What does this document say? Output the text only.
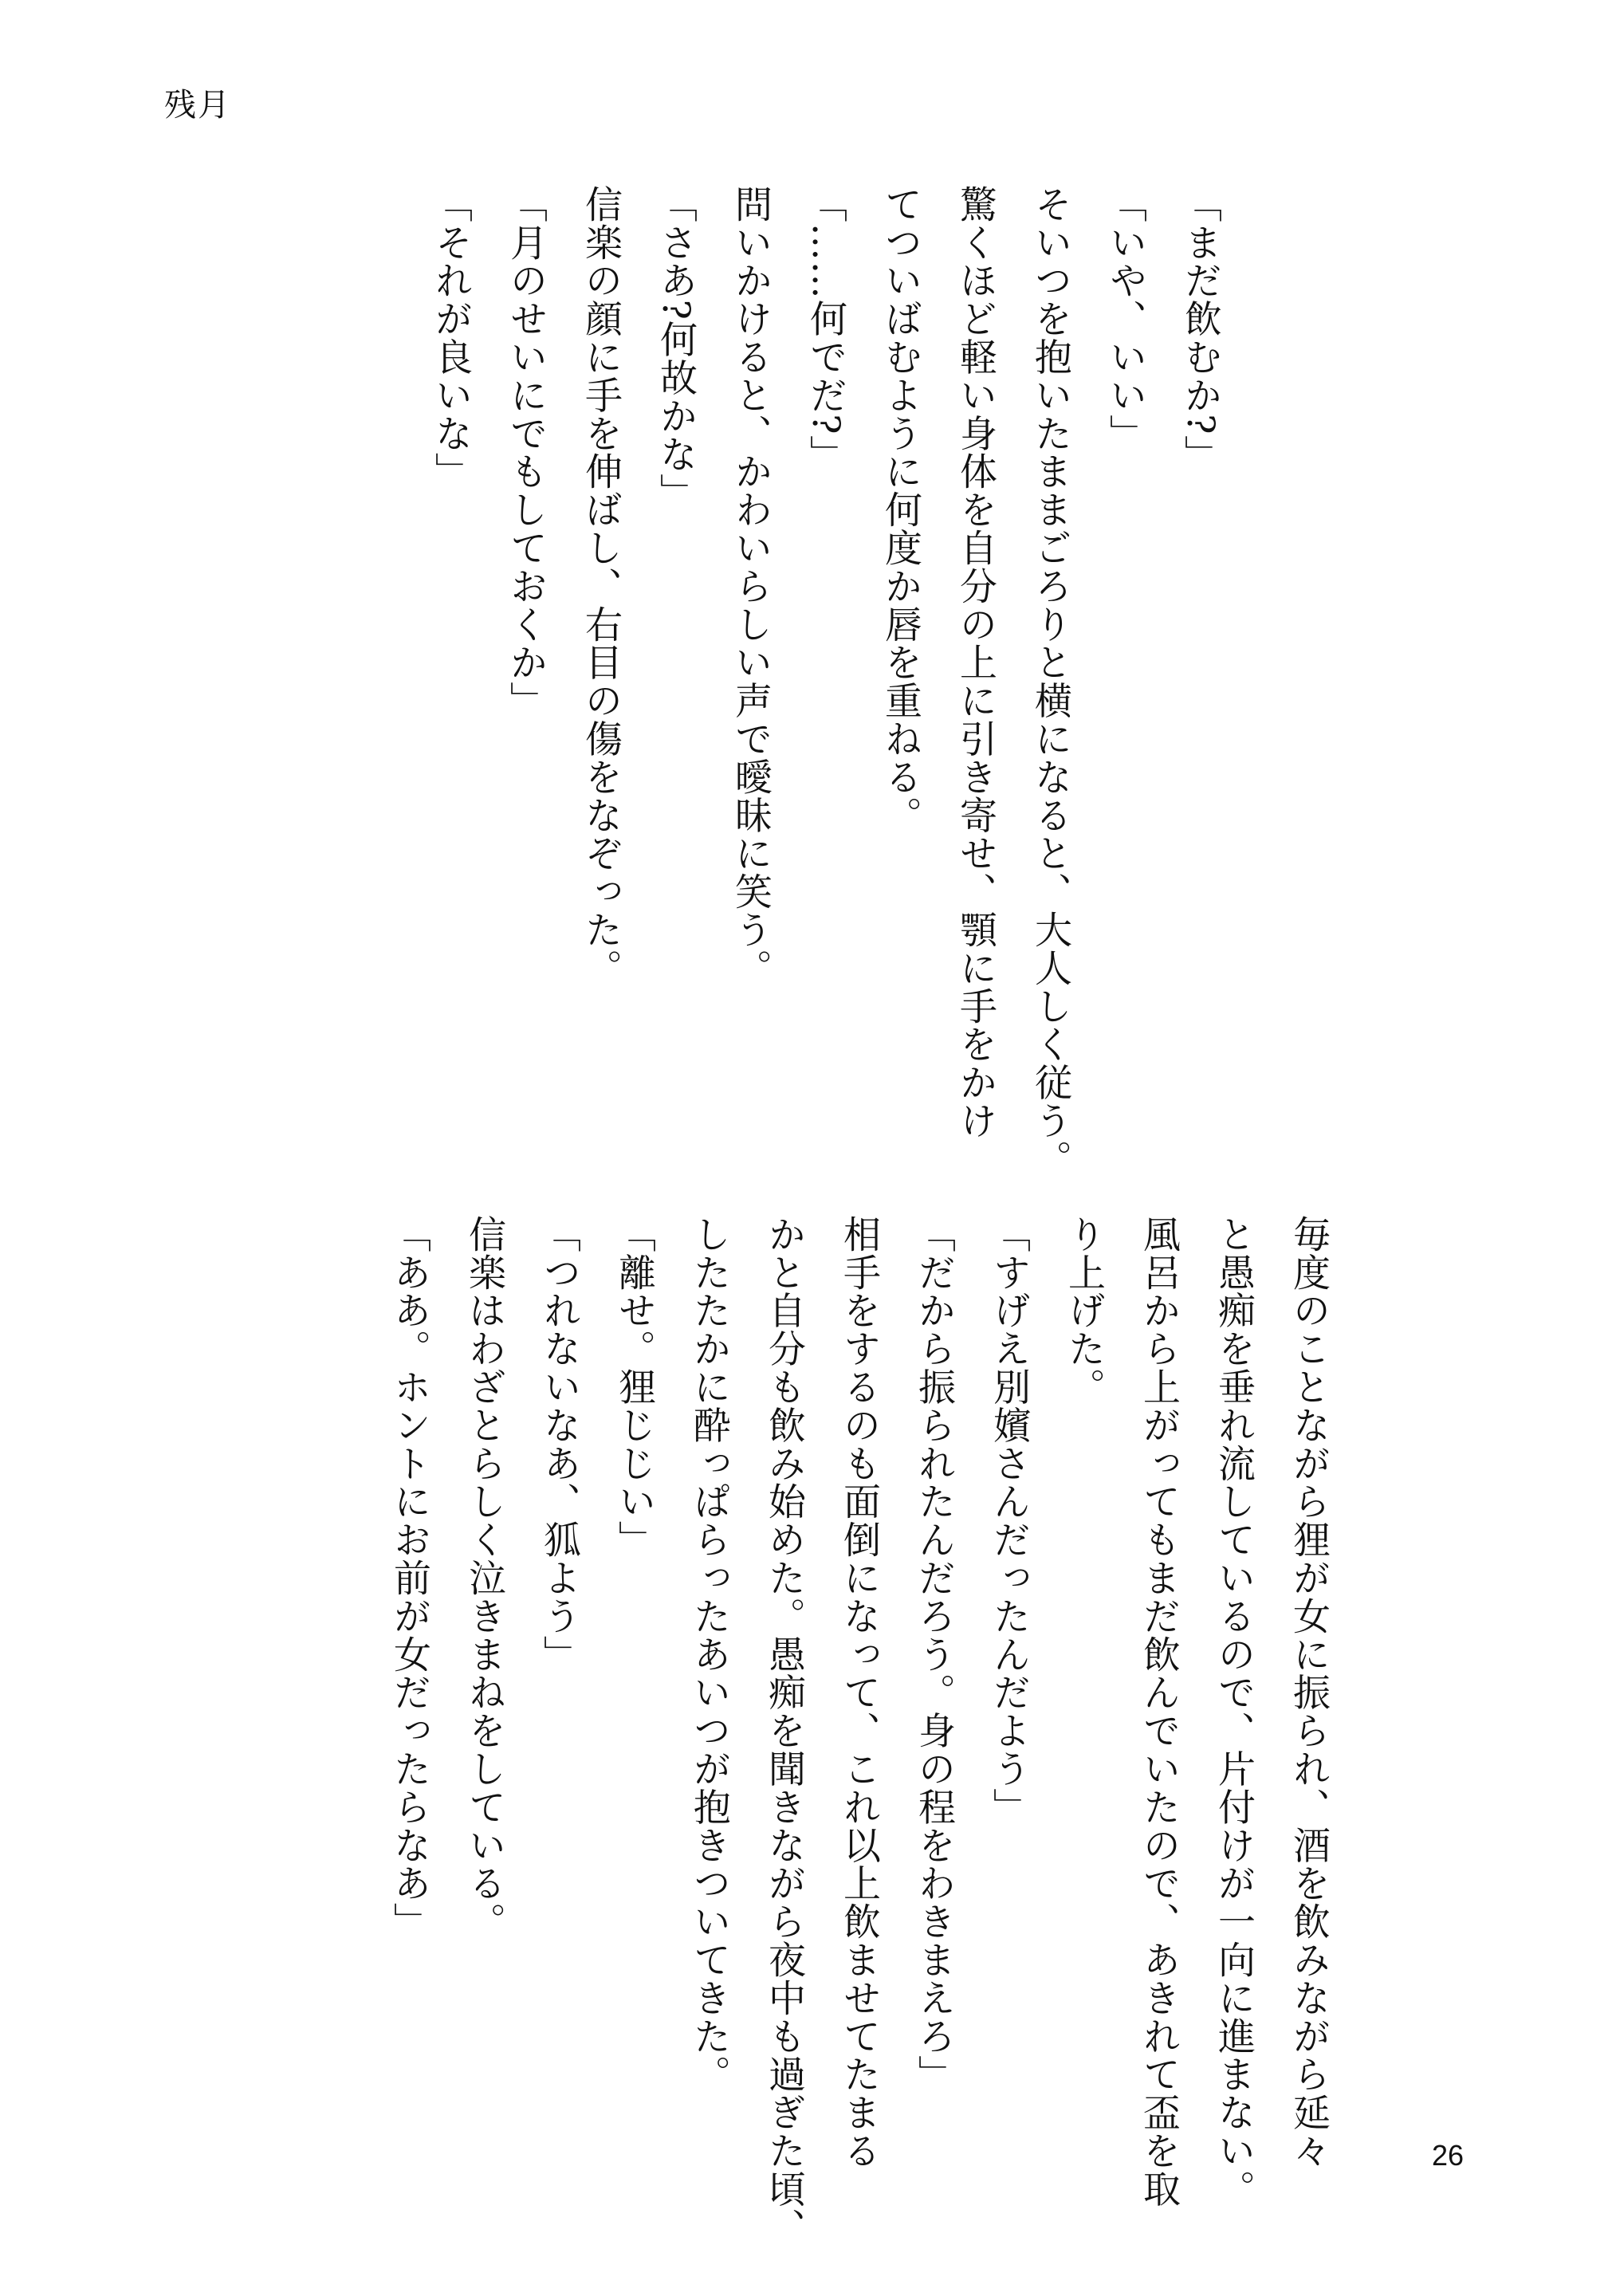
残月
「まだ飲むか?」
「いや、いい」
そいつを抱いたままごろりと横になると、大人しく従う。
驚くほど軽い身体を自分の上に引き寄せ、顎に手をかけ
てついばむように何度か唇を重ねる。
「……何でだ?」
問いかけると、かわいらしい声で曖昧に笑う。
「さあ?何故かな」
信楽の顔に手を伸ばし、右目の傷をなぞった。
「月のせいにでもしておくか」
「それが良いな」
毎度のことながら狸が女に振られ、酒を飲みながら延々
と愚痴を垂れ流しているので、片付けが一向に進まない。
風呂から上がってもまだ飲んでいたので、あきれて盃を取
り上げた。
「すげえ別嬪さんだったんだよう」
「だから振られたんだろう。身の程をわきまえろ」
相手をするのも面倒になって、これ以上飲ませてたまる
かと自分も飲み始めた。愚痴を聞きながら夜中も過ぎた頃、
したたかに酔っぱらったあいつが抱きついてきた。
「離せ。狸じじい」
「つれないなあ、狐よう」
信楽はわざとらしく泣きまねをしている。
「ああ。ホントにお前が女だったらなあ」
26
